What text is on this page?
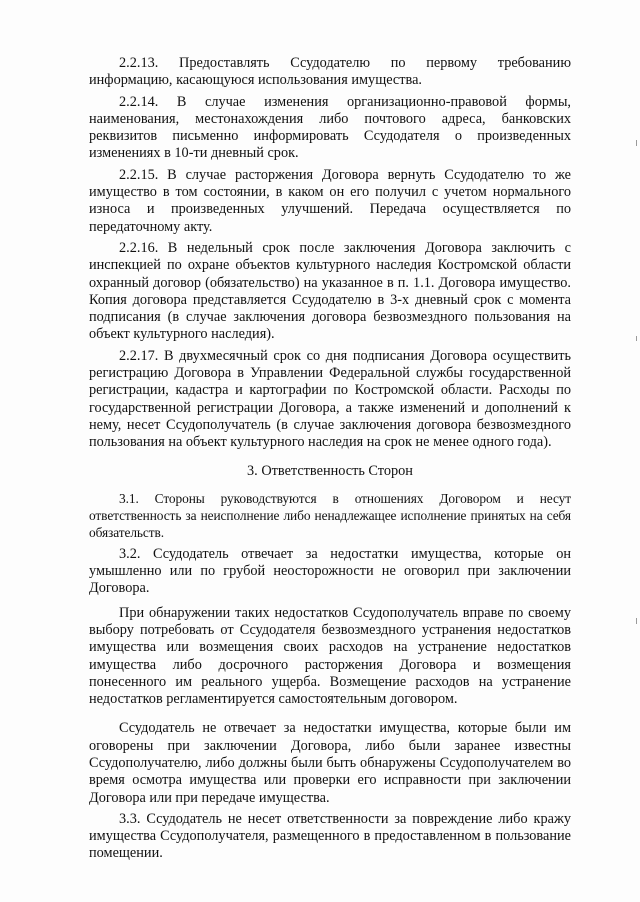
2.2.13. Предоставлять Ссудодателю по первому требованию информацию, касающуюся использования имущества.

2.2.14. В случае изменения организационно-правовой формы, наименования, местонахождения либо почтового адреса, банковских реквизитов письменно информировать Ссудодателя о произведенных изменениях в 10-ти дневный срок.

2.2.15. В случае расторжения Договора вернуть Ссудодателю то же имущество в том состоянии, в каком он его получил с учетом нормального износа и произведенных улучшений. Передача осуществляется по передаточному акту.

2.2.16. В недельный срок после заключения Договора заключить с инспекцией по охране объектов культурного наследия Костромской области охранный договор (обязательство) на указанное в п. 1.1. Договора имущество. Копия договора представляется Ссудодателю в 3-х дневный срок с момента подписания (в случае заключения договора безвозмездного пользования на объект культурного наследия).

2.2.17. В двухмесячный срок со дня подписания Договора осуществить регистрацию Договора в Управлении Федеральной службы государственной регистрации, кадастра и картографии по Костромской области. Расходы по государственной регистрации Договора, а также изменений и дополнений к нему, несет Ссудополучатель (в случае заключения договора безвозмездного пользования на объект культурного наследия на срок не менее одного года).

3. Ответственность Сторон

3.1. Стороны руководствуются в отношениях Договором и несут ответственность за неисполнение либо ненадлежащее исполнение принятых на себя обязательств.

3.2. Ссудодатель отвечает за недостатки имущества, которые он умышленно или по грубой неосторожности не оговорил при заключении Договора.

При обнаружении таких недостатков Ссудополучатель вправе по своему выбору потребовать от Ссудодателя безвозмездного устранения недостатков имущества или возмещения своих расходов на устранение недостатков имущества либо досрочного расторжения Договора и возмещения понесенного им реального ущерба. Возмещение расходов на устранение недостатков регламентируется самостоятельным договором.

Ссудодатель не отвечает за недостатки имущества, которые были им оговорены при заключении Договора, либо были заранее известны Ссудополучателю, либо должны были быть обнаружены Ссудополучателем во время осмотра имущества или проверки его исправности при заключении Договора или при передаче имущества.

3.3. Ссудодатель не несет ответственности за повреждение либо кражу имущества Ссудополучателя, размещенного в предоставленном в пользование помещении.
